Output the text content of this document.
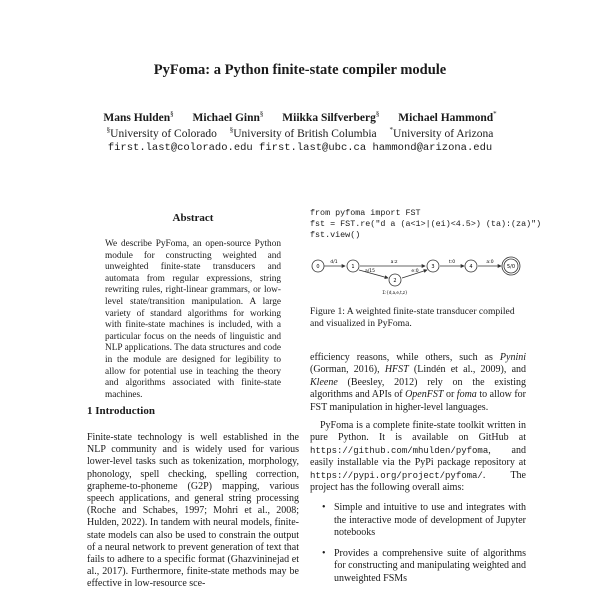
PyFoma: a Python finite-state compiler module
Mans Hulden§ Michael Ginn§ Miikka Silfverberg§ Michael Hammond*
§University of Colorado §University of British Columbia *University of Arizona
first.last@colorado.edu first.last@ubc.ca hammond@arizona.edu
Abstract
We describe PyFoma, an open-source Python module for constructing weighted and unweighted finite-state transducers and automata from regular expressions, string rewriting rules, right-linear grammars, or low-level state/transition manipulation. A large variety of standard algorithms for working with finite-state machines is included, with a particular focus on the needs of linguistic and NLP applications. The data structures and code in the module are designed for legibility to allow for potential use in teaching the theory and algorithms associated with finite-state machines.
1 Introduction
Finite-state technology is well established in the NLP community and is widely used for various lower-level tasks such as tokenization, morphology, phonology, spell checking, spelling correction, grapheme-to-phoneme (G2P) mapping, various speech applications, and general string processing (Roche and Schabes, 1997; Mohri et al., 2008; Hulden, 2022). In tandem with neural models, finite-state models can also be used to constrain the output of a neural network to prevent generation of text that fails to adhere to a specific format (Ghazvininejad et al., 2017). Furthermore, finite-state methods may be effective in low-resource sce-
from pyfoma import FST
fst = FST.re("d a (a<1>|(ei)<4.5>) (ta):(za)")
fst.view()
d/1	a:z
a/15	e:0
t:0	a:0
0	1
2
3	4	5/0
Σ:{d,a,e,t,z}
Figure 1: A weighted finite-state transducer compiled and visualized in PyFoma.

efficiency reasons, while others, such as Pynini (Gorman, 2016), HFST (Lindén et al., 2009), and Kleene (Beesley, 2012) rely on the existing algorithms and APIs of OpenFST or foma to allow for FST manipulation in higher-level languages.

PyFoma is a complete finite-state toolkit written in pure Python. It is available on GitHub at https://github.com/mhulden/pyfoma, and easily installable via the PyPi package repository at https://pypi.org/project/pyfoma/. The project has the following overall aims:

• Simple and intuitive to use and integrates with the interactive mode of development of Jupyter notebooks
• Provides a comprehensive suite of algorithms for constructing and manipulating weighted and unweighted FSMs
